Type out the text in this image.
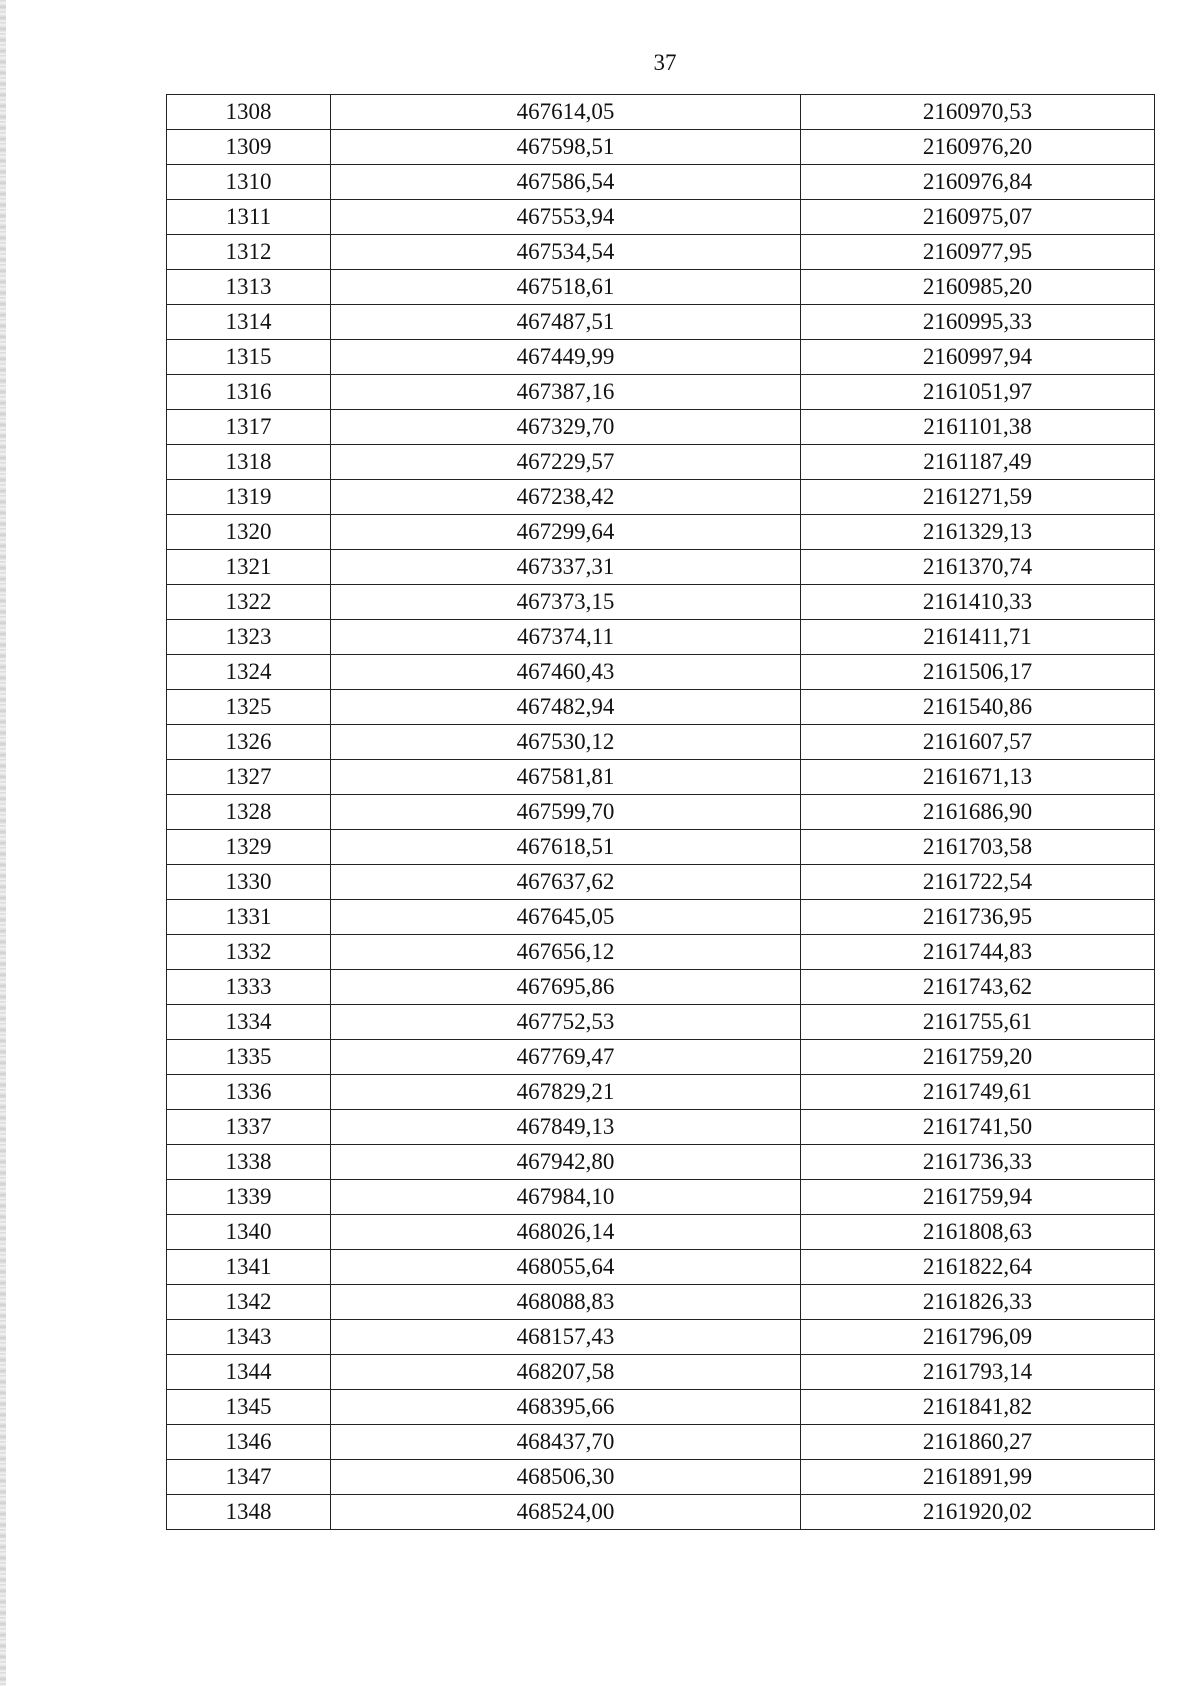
37
1308	467614,05	2160970,53
1309	467598,51	2160976,20
1310	467586,54	2160976,84
1311	467553,94	2160975,07
1312	467534,54	2160977,95
1313	467518,61	2160985,20
1314	467487,51	2160995,33
1315	467449,99	2160997,94
1316	467387,16	2161051,97
1317	467329,70	2161101,38
1318	467229,57	2161187,49
1319	467238,42	2161271,59
1320	467299,64	2161329,13
1321	467337,31	2161370,74
1322	467373,15	2161410,33
1323	467374,11	2161411,71
1324	467460,43	2161506,17
1325	467482,94	2161540,86
1326	467530,12	2161607,57
1327	467581,81	2161671,13
1328	467599,70	2161686,90
1329	467618,51	2161703,58
1330	467637,62	2161722,54
1331	467645,05	2161736,95
1332	467656,12	2161744,83
1333	467695,86	2161743,62
1334	467752,53	2161755,61
1335	467769,47	2161759,20
1336	467829,21	2161749,61
1337	467849,13	2161741,50
1338	467942,80	2161736,33
1339	467984,10	2161759,94
1340	468026,14	2161808,63
1341	468055,64	2161822,64
1342	468088,83	2161826,33
1343	468157,43	2161796,09
1344	468207,58	2161793,14
1345	468395,66	2161841,82
1346	468437,70	2161860,27
1347	468506,30	2161891,99
1348	468524,00	2161920,02
